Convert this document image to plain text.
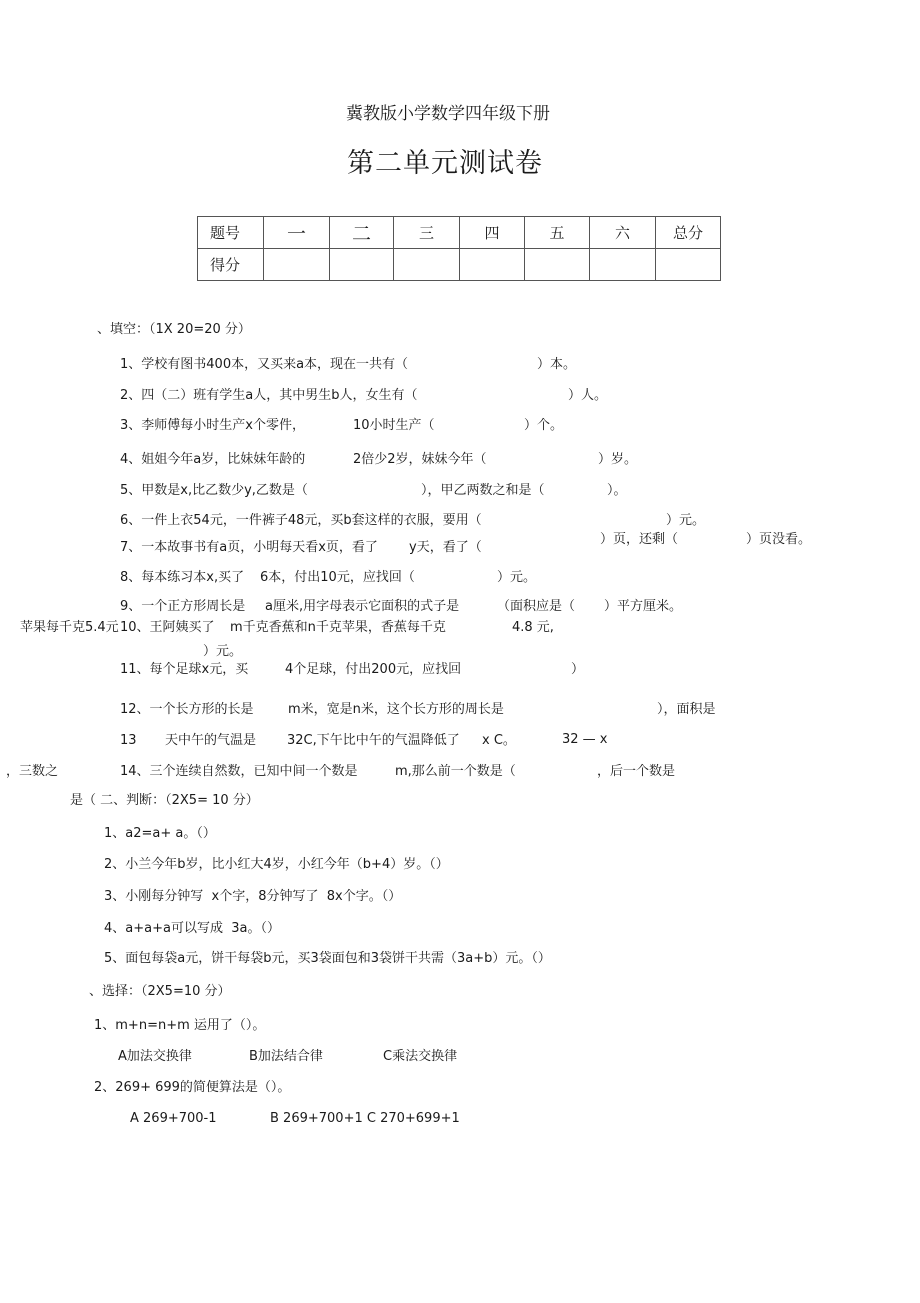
冀教版小学数学四年级下册
第二单元测试卷
题号	一	二	三	四	五	六	总分
得分							
、填空：（1X 20=20 分）
1、学校有图书400本，又买来a本，现在一共有（	）本。
2、四（二）班有学生a人，其中男生b人，女生有（	）人。
3、李师傅每小时生产x个零件，	10小时生产（	）个。
4、姐姐今年a岁，比妹妹年龄的	2倍少2岁，妹妹今年（	）岁。
5、甲数是x,比乙数少y,乙数是（	），甲乙两数之和是（	）。
6、一件上衣54元，一件裤子48元，买b套这样的衣服，要用（	）元。
7、一本故事书有a页，小明每天看x页，看了 y天，看了（
）页，还剩（	）页没看。
8、每本练习本x,买了 6本，付出10元，应找回（	）元。
9、一个正方形周长是 a厘米,用字母表示它面积的式子是	（面积应是（ ）平方厘米。
苹果每千克5.4元 10、王阿姨买了 m千克香蕉和n千克苹果，香蕉每千克	4.8 元,
）元。
11、每个足球x元，买	4个足球，付出200元，应找回	）
12、一个长方形的长是	m米，宽是n米，这个长方形的周长是	），面积是
13 天中午的气温是 32C,下午比中午的气温降低了 x C。	32 — x
，三数之	14、三个连续自然数，已知中间一个数是	m,那么前一个数是（	，后一个数是
是（ 二、判断：（2X5= 10 分）
1、a2=a+ a。（）
2、小兰今年b岁，比小红大4岁，小红今年（b+4）岁。（）
3、小刚每分钟写  x个字，8分钟写了  8x个字。（）
4、a+a+a可以写成  3a。（）
5、面包每袋a元，饼干每袋b元，买3袋面包和3袋饼干共需（3a+b）元。（）
、选择：（2X5=10 分）
1、m+n=n+m 运用了（）。
A加法交换律	B加法结合律	C乘法交换律
2、269+ 699的简便算法是（）。
A 269+700-1	B 269+700+1 C 270+699+1
